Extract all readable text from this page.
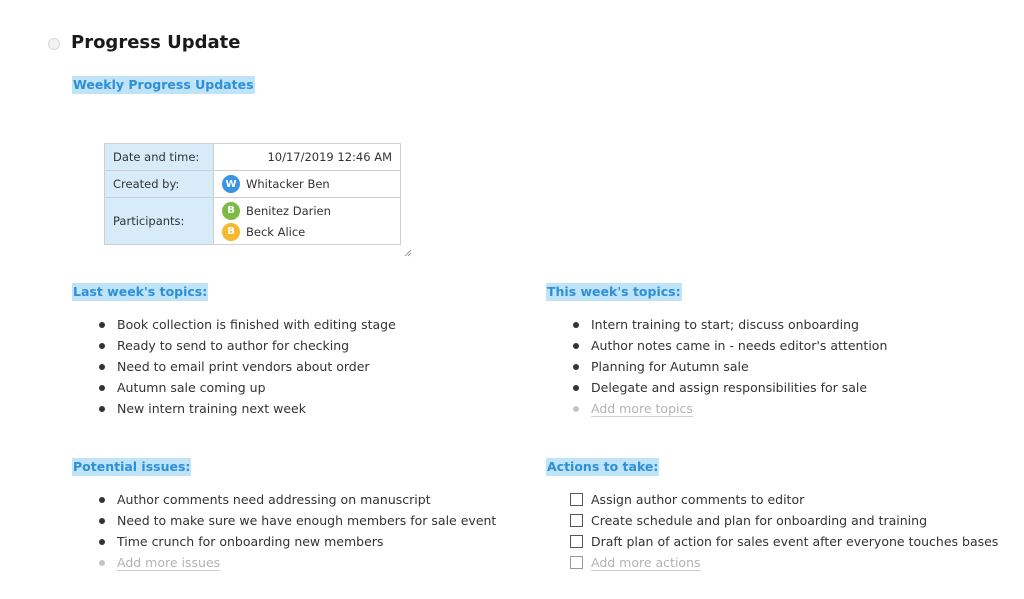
Progress Update
Weekly Progress Updates
Date and time:	10/17/2019 12:46 AM
Created by:	W Whitacker Ben

Participants:	B Benitez Darien
B Beck Alice
Last week's topics:
Book collection is finished with editing stage
Ready to send to author for checking
Need to email print vendors about order
Autumn sale coming up
New intern training next week
This week's topics:
Intern training to start; discuss onboarding
Author notes came in - needs editor's attention
Planning for Autumn sale
Delegate and assign responsibilities for sale
Add more topics
Potential issues:
Author comments need addressing on manuscript
Need to make sure we have enough members for sale event
Time crunch for onboarding new members
Add more issues
Actions to take:
Assign author comments to editor
Create schedule and plan for onboarding and training
Draft plan of action for sales event after everyone touches bases
Add more actions
